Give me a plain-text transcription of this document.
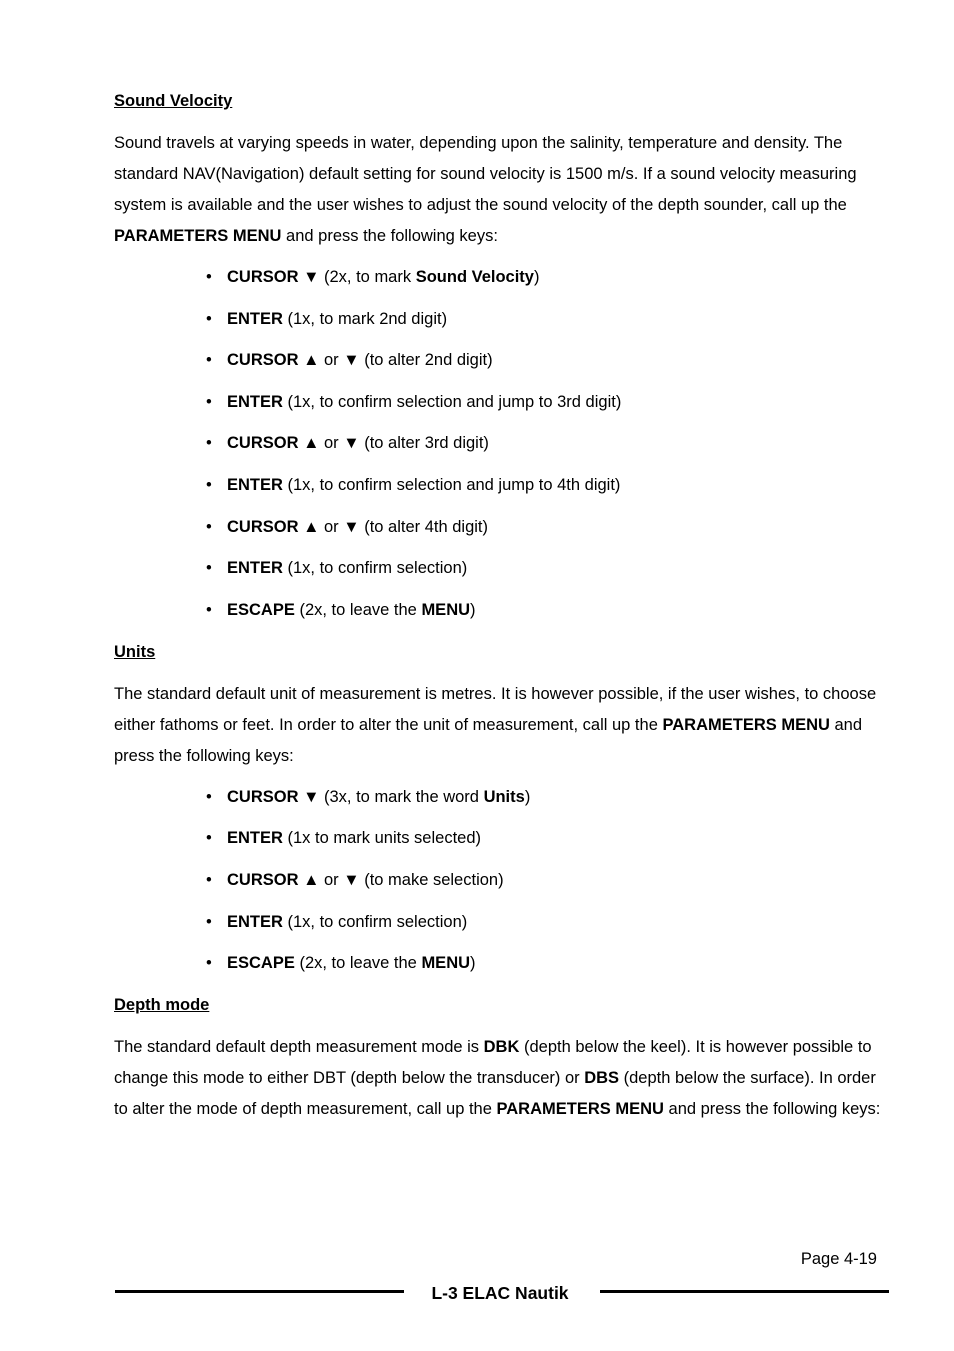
Sound Velocity

Sound travels at varying speeds in water, depending upon the salinity, temperature and density. The standard NAV(Navigation) default setting for sound velocity is 1500 m/s. If a sound velocity measuring system is available and the user wishes to adjust the sound velocity of the depth sounder, call up the PARAMETERS MENU and press the following keys:

• CURSOR ▼ (2x, to mark Sound Velocity)
• ENTER (1x, to mark 2nd digit)
• CURSOR ▲ or ▼ (to alter 2nd digit)
• ENTER (1x, to confirm selection and jump to 3rd digit)
• CURSOR ▲ or ▼ (to alter 3rd digit)
• ENTER (1x, to confirm selection and jump to 4th digit)
• CURSOR ▲ or ▼ (to alter 4th digit)
• ENTER (1x, to confirm selection)
• ESCAPE (2x, to leave the MENU)
Units

The standard default unit of measurement is metres. It is however possible, if the user wishes, to choose either fathoms or feet. In order to alter the unit of measurement, call up the PARAMETERS MENU and press the following keys:

• CURSOR ▼ (3x, to mark the word Units)
• ENTER (1x to mark units selected)
• CURSOR ▲ or ▼ (to make selection)
• ENTER (1x, to confirm selection)
• ESCAPE (2x, to leave the MENU)
Depth mode

The standard default depth measurement mode is DBK (depth below the keel). It is however possible to change this mode to either DBT (depth below the transducer) or DBS (depth below the surface). In order to alter the mode of depth measurement, call up the PARAMETERS MENU and press the following keys:

Page 4-19
L-3 ELAC Nautik
